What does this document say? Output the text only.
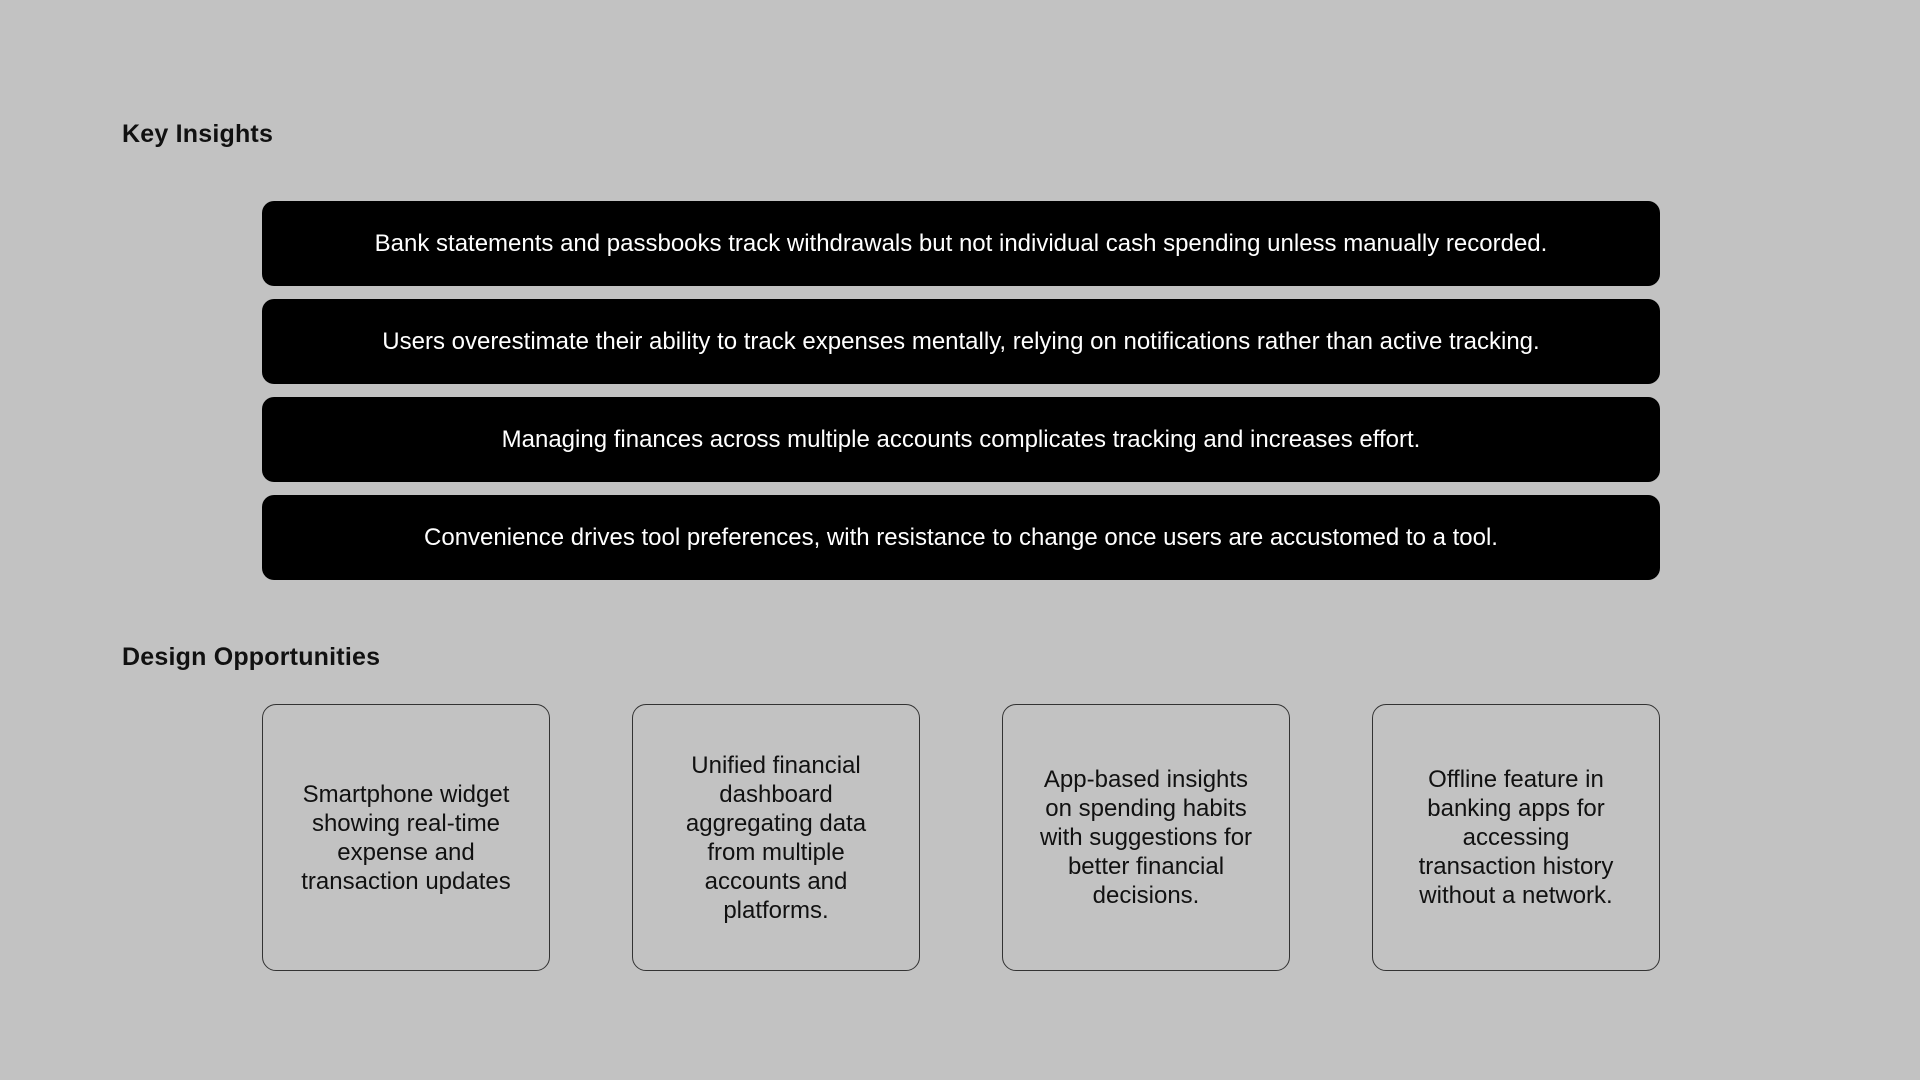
Key Insights
Bank statements and passbooks track withdrawals but not individual cash spending unless manually recorded.
Users overestimate their ability to track expenses mentally, relying on notifications rather than active tracking.
Managing finances across multiple accounts complicates tracking and increases effort.
Convenience drives tool preferences, with resistance to change once users are accustomed to a tool.
Design Opportunities
Smartphone widget showing real-time expense and transaction updates
Unified financial dashboard aggregating data from multiple accounts and platforms.
App-based insights on spending habits with suggestions for better financial decisions.
Offline feature in banking apps for accessing transaction history without a network.
